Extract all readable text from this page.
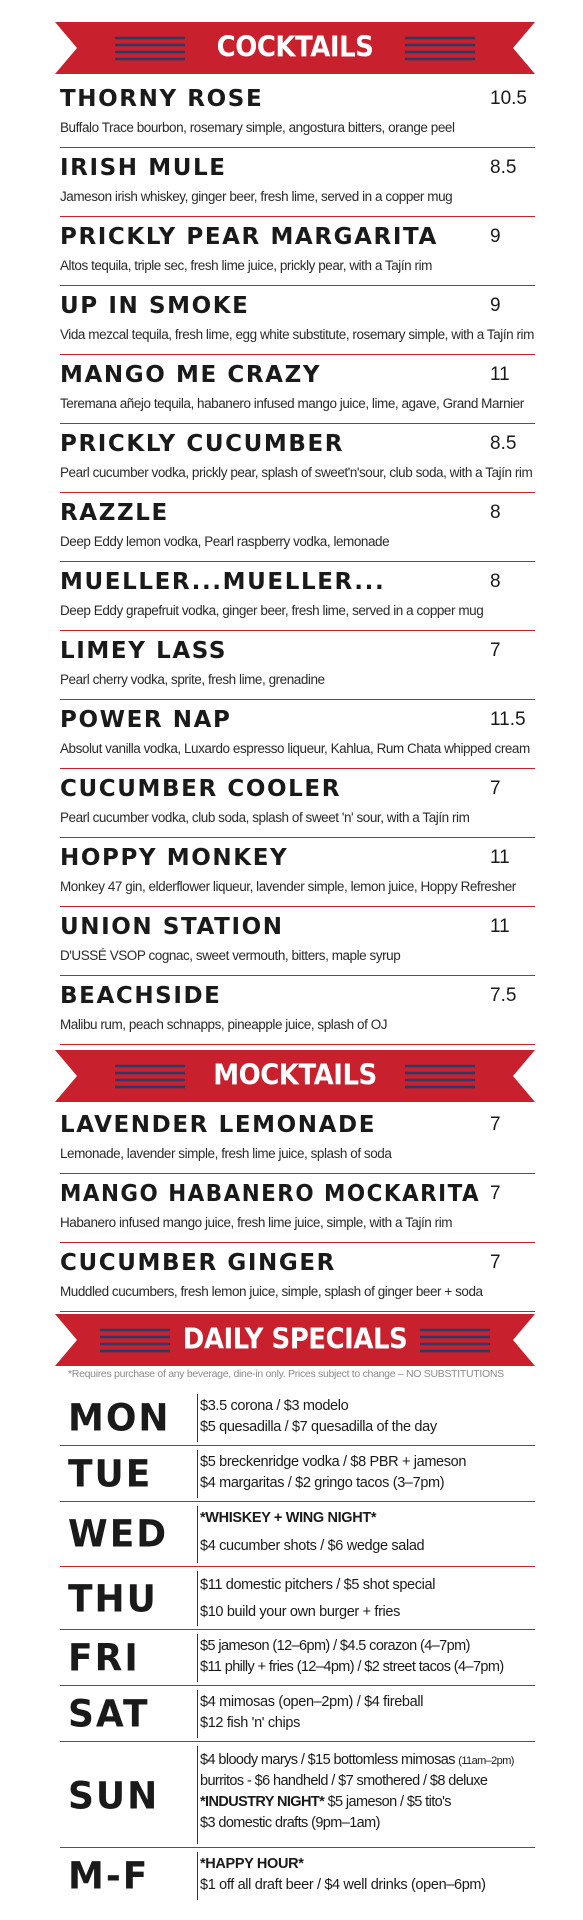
COCKTAILS
THORNY ROSE	10.5
Buffalo Trace bourbon, rosemary simple, angostura bitters, orange peel
IRISH MULE	8.5
Jameson irish whiskey, ginger beer, fresh lime, served in a copper mug
PRICKLY PEAR MARGARITA	9
Altos tequila, triple sec, fresh lime juice, prickly pear, with a Tajín rim
UP IN SMOKE	9
Vida mezcal tequila, fresh lime, egg white substitute, rosemary simple, with a Tajín rim
MANGO ME CRAZY	11
Teremana añejo tequila, habanero infused mango juice, lime, agave, Grand Marnier
PRICKLY CUCUMBER	8.5
Pearl cucumber vodka, prickly pear, splash of sweet'n'sour, club soda, with a Tajín rim
RAZZLE	8
Deep Eddy lemon vodka, Pearl raspberry vodka, lemonade
MUELLER...MUELLER...	8
Deep Eddy grapefruit vodka, ginger beer, fresh lime, served in a copper mug
LIMEY LASS	7
Pearl cherry vodka, sprite, fresh lime, grenadine
POWER NAP	11.5
Absolut vanilla vodka, Luxardo espresso liqueur, Kahlua, Rum Chata whipped cream
CUCUMBER COOLER	7
Pearl cucumber vodka, club soda, splash of sweet 'n' sour, with a Tajín rim
HOPPY MONKEY	11
Monkey 47 gin, elderflower liqueur, lavender simple, lemon juice, Hoppy Refresher
UNION STATION	11
D'USSÉ VSOP cognac, sweet vermouth, bitters, maple syrup
BEACHSIDE	7.5
Malibu rum, peach schnapps, pineapple juice, splash of OJ
MOCKTAILS
LAVENDER LEMONADE	7
Lemonade, lavender simple, fresh lime juice, splash of soda
MANGO HABANERO MOCKARITA 7
Habanero infused mango juice, fresh lime juice, simple, with a Tajín rim
CUCUMBER GINGER	7
Muddled cucumbers, fresh lemon juice, simple, splash of ginger beer + soda
DAILY SPECIALS
*Requires purchase of any beverage, dine-in only. Prices subject to change – NO SUBSTITUTIONS
MON $3.5 corona / $3 modelo
$5 quesadilla / $7 quesadilla of the day
TUE	$5 breckenridge vodka / $8 PBR + jameson
$4 margaritas / $2 gringo tacos (3–7pm)
WED *WHISKEY + WING NIGHT*
$4 cucumber shots / $6 wedge salad
THU	$11 domestic pitchers / $5 shot special
$10 build your own burger + fries
FRI	$5 jameson (12–6pm) / $4.5 corazon (4–7pm)
$11 philly + fries (12–4pm) / $2 street tacos (4–7pm)
SAT	$4 mimosas (open–2pm) / $4 fireball
$12 fish 'n' chips
SUN
$4 bloody marys / $15 bottomless mimosas (11am–2pm)
burritos - $6 handheld / $7 smothered / $8 deluxe
*INDUSTRY NIGHT* $5 jameson / $5 tito's
$3 domestic drafts (9pm–1am)
M-F	*HAPPY HOUR*
$1 off all draft beer / $4 well drinks (open–6pm)
